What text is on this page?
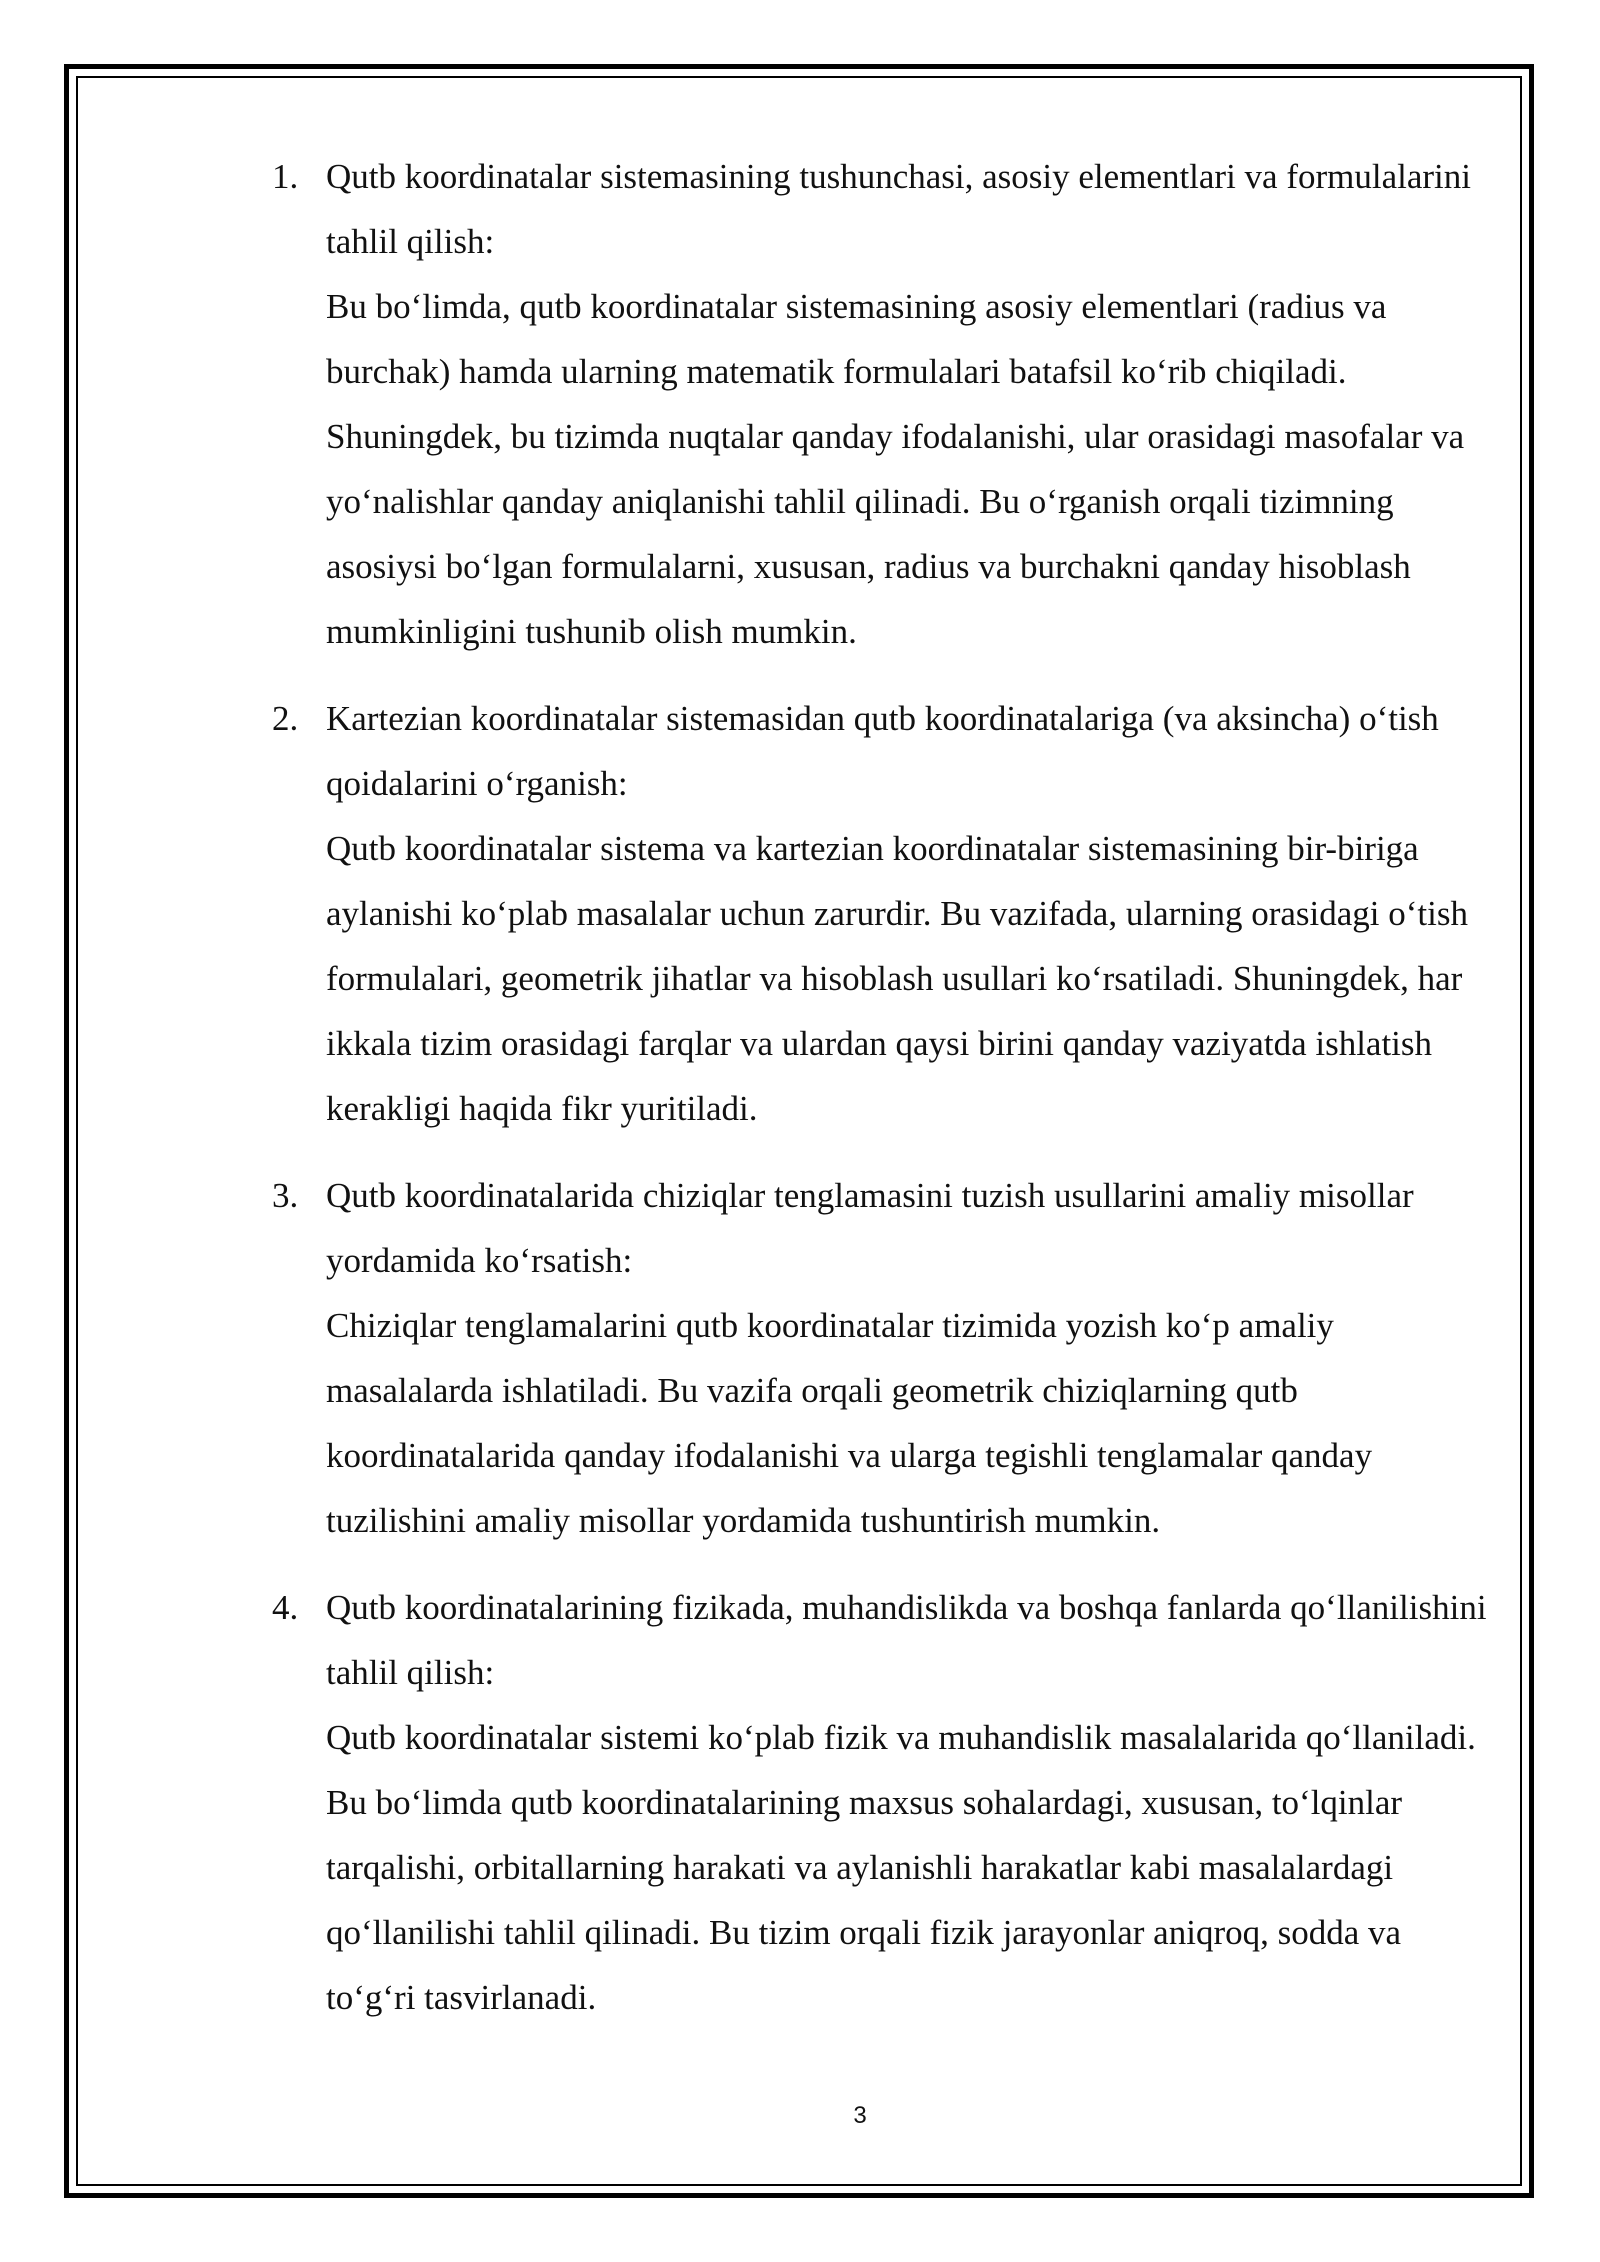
1. Qutb koordinatalar sistemasining tushunchasi, asosiy elementlari va formulalarini tahlil qilish:
Bu bo‘limda, qutb koordinatalar sistemasining asosiy elementlari (radius va burchak) hamda ularning matematik formulalari batafsil ko‘rib chiqiladi. Shuningdek, bu tizimda nuqtalar qanday ifodalanishi, ular orasidagi masofalar va yo‘nalishlar qanday aniqlanishi tahlil qilinadi. Bu o‘rganish orqali tizimning asosiysi bo‘lgan formulalarni, xususan, radius va burchakni qanday hisoblash mumkinligini tushunib olish mumkin.
2. Kartezian koordinatalar sistemasidan qutb koordinatalariga (va aksincha) o‘tish qoidalarini o‘rganish:
Qutb koordinatalar sistema va kartezian koordinatalar sistemasining bir-biriga aylanishi ko‘plab masalalar uchun zarurdir. Bu vazifada, ularning orasidagi o‘tish formulalari, geometrik jihatlar va hisoblash usullari ko‘rsatiladi. Shuningdek, har ikkala tizim orasidagi farqlar va ulardan qaysi birini qanday vaziyatda ishlatish kerakligi haqida fikr yuritiladi.
3. Qutb koordinatalarida chiziqlar tenglamasini tuzish usullarini amaliy misollar yordamida ko‘rsatish:
Chiziqlar tenglamalarini qutb koordinatalar tizimida yozish ko‘p amaliy masalalarda ishlatiladi. Bu vazifa orqali geometrik chiziqlarning qutb koordinatalarida qanday ifodalanishi va ularga tegishli tenglamalar qanday tuzilishini amaliy misollar yordamida tushuntirish mumkin.
4. Qutb koordinatalarining fizikada, muhandislikda va boshqa fanlarda qo‘llanilishini tahlil qilish:
Qutb koordinatalar sistemi ko‘plab fizik va muhandislik masalalarida qo‘llaniladi. Bu bo‘limda qutb koordinatalarining maxsus sohalardagi, xususan, to‘lqinlar tarqalishi, orbitallarning harakati va aylanishli harakatlar kabi masalalardagi qo‘llanilishi tahlil qilinadi. Bu tizim orqali fizik jarayonlar aniqroq, sodda va to‘g‘ri tasvirlanadi.
3
